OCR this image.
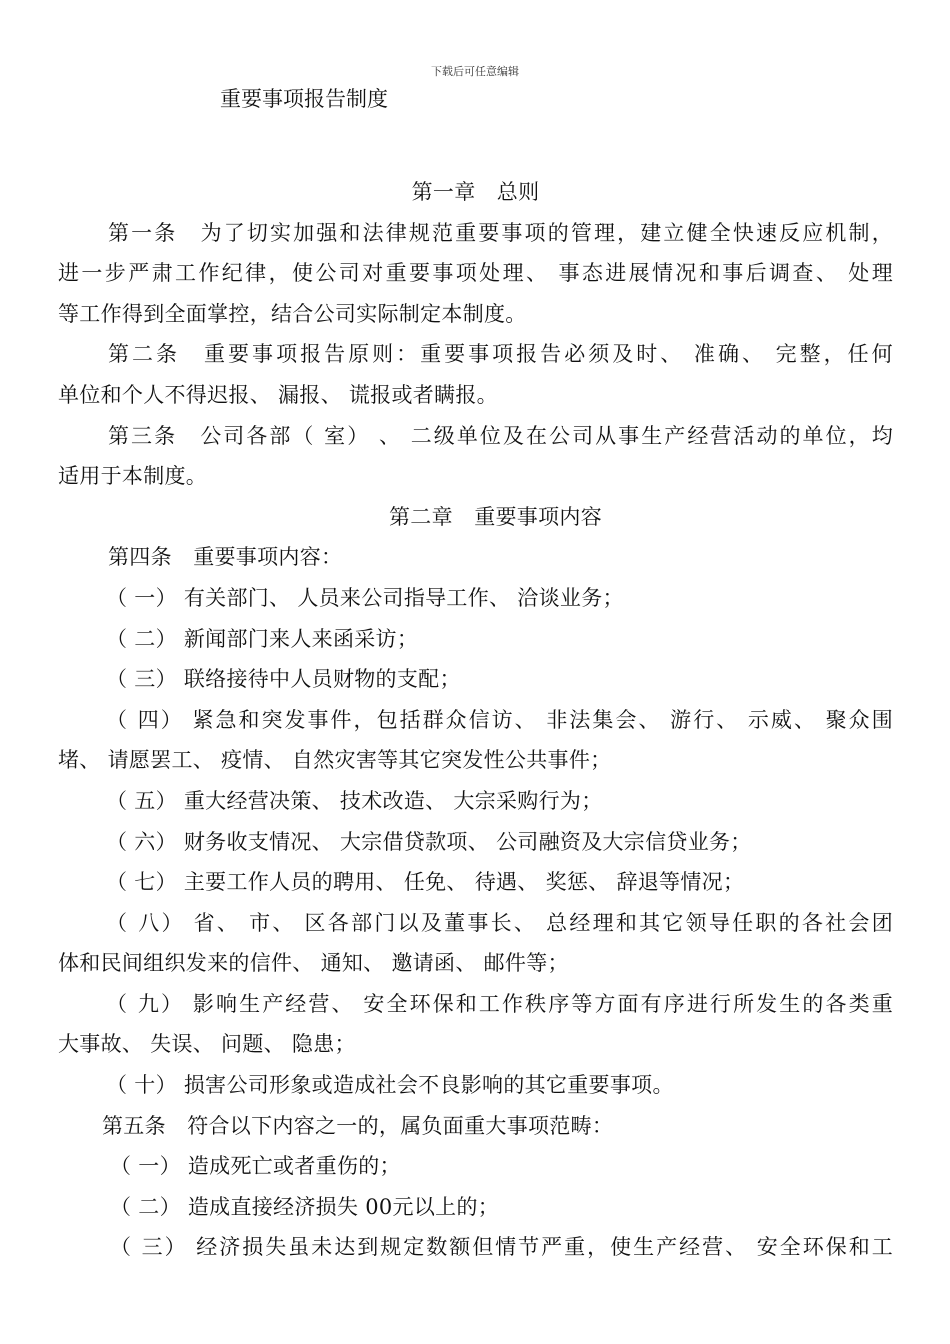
下载后可任意编辑
重要事项报告制度
第一章　总则
第一条　为了切实加强和法律规范重要事项的管理，建立健全快速反应机制，
进一步严肃工作纪律，使公司对重要事项处理、 事态进展情况和事后调查、 处理
等工作得到全面掌控，结合公司实际制定本制度。
第二条　重要事项报告原则：重要事项报告必须及时、 准确、 完整，任何
单位和个人不得迟报、 漏报、 谎报或者瞒报。
第三条　公司各部（ 室） 、 二级单位及在公司从事生产经营活动的单位，均
适用于本制度。
第二章　重要事项内容
第四条　重要事项内容：
（ 一） 有关部门、 人员来公司指导工作、 洽谈业务；
（ 二） 新闻部门来人来函采访；
（ 三） 联络接待中人员财物的支配；
（ 四） 紧急和突发事件，包括群众信访、 非法集会、 游行、 示威、 聚众围
堵、 请愿罢工、 疫情、 自然灾害等其它突发性公共事件；
（ 五） 重大经营决策、 技术改造、 大宗采购行为；
（ 六） 财务收支情况、 大宗借贷款项、 公司融资及大宗信贷业务；
（ 七） 主要工作人员的聘用、 任免、 待遇、 奖惩、 辞退等情况；
（ 八） 省、 市、 区各部门以及董事长、 总经理和其它领导任职的各社会团
体和民间组织发来的信件、 通知、 邀请函、 邮件等；
（ 九） 影响生产经营、 安全环保和工作秩序等方面有序进行所发生的各类重
大事故、 失误、 问题、 隐患；
（ 十） 损害公司形象或造成社会不良影响的其它重要事项。
第五条　符合以下内容之一的，属负面重大事项范畴：
（ 一） 造成死亡或者重伤的；
（ 二） 造成直接经济损失 00元以上的；
（ 三） 经济损失虽未达到规定数额但情节严重，使生产经营、 安全环保和工
